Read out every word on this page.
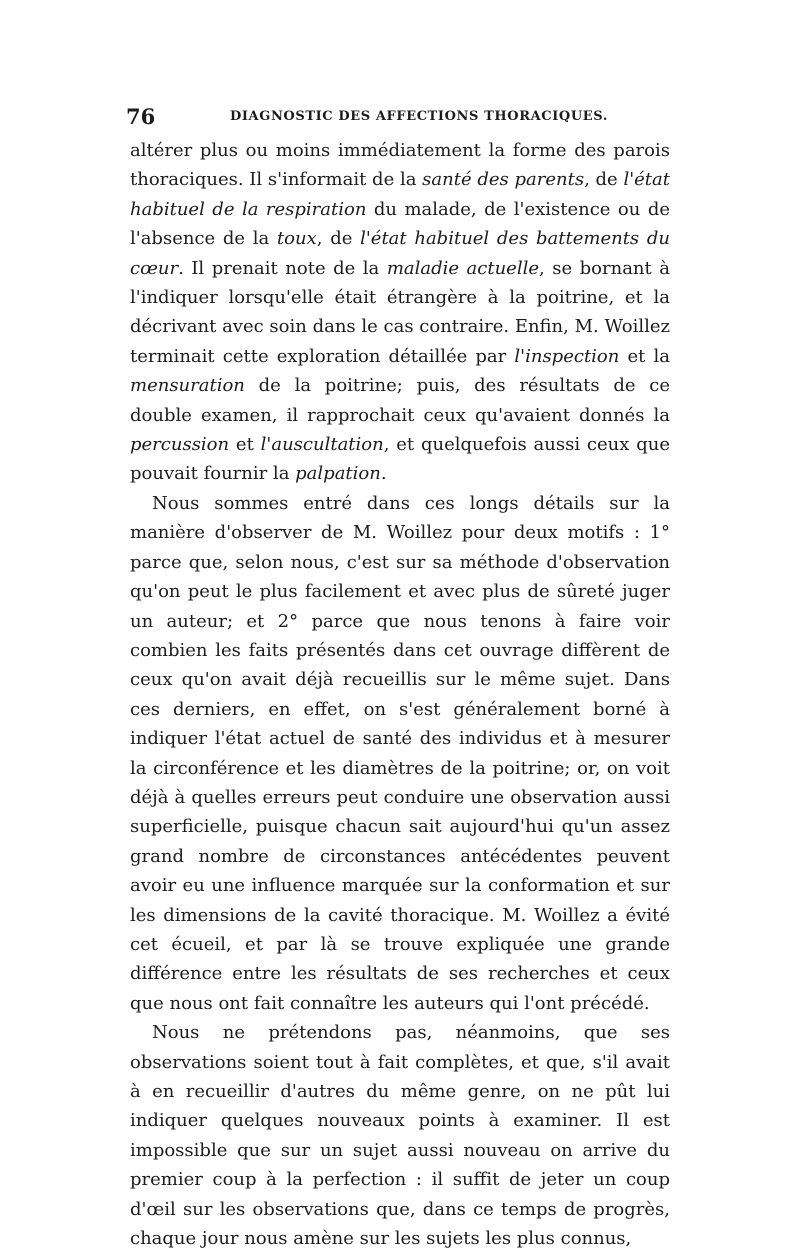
76	DIAGNOSTIC DES AFFECTIONS THORACIQUES.

altérer plus ou moins immédiatement la forme des parois thoraciques. Il s'informait de la santé des parents, de l'état habituel de la respiration du malade, de l'existence ou de l'absence de la toux, de l'état habituel des battements du cœur. Il prenait note de la maladie actuelle, se bornant à l'indiquer lorsqu'elle était étrangère à la poitrine, et la décrivant avec soin dans le cas contraire. Enfin, M. Woillez terminait cette exploration détaillée par l'inspection et la mensuration de la poitrine; puis, des résultats de ce double examen, il rapprochait ceux qu'avaient donnés la percussion et l'auscultation, et quelquefois aussi ceux que pouvait fournir la palpation.

Nous sommes entré dans ces longs détails sur la manière d'observer de M. Woillez pour deux motifs : 1° parce que, selon nous, c'est sur sa méthode d'observation qu'on peut le plus facilement et avec plus de sûreté juger un auteur; et 2° parce que nous tenons à faire voir combien les faits présentés dans cet ouvrage diffèrent de ceux qu'on avait déjà recueillis sur le même sujet. Dans ces derniers, en effet, on s'est généralement borné à indiquer l'état actuel de santé des individus et à mesurer la circonférence et les diamètres de la poitrine; or, on voit déjà à quelles erreurs peut conduire une observation aussi superficielle, puisque chacun sait aujourd'hui qu'un assez grand nombre de circonstances antécédentes peuvent avoir eu une influence marquée sur la conformation et sur les dimensions de la cavité thoracique. M. Woillez a évité cet écueil, et par là se trouve expliquée une grande différence entre les résultats de ses recherches et ceux que nous ont fait connaître les auteurs qui l'ont précédé.

Nous ne prétendons pas, néanmoins, que ses observations soient tout à fait complètes, et que, s'il avait à en recueillir d'autres du même genre, on ne pût lui indiquer quelques nouveaux points à examiner. Il est impossible que sur un sujet aussi nouveau on arrive du premier coup à la perfection : il suffit de jeter un coup d'œil sur les observations que, dans ce temps de progrès, chaque jour nous amène sur les sujets les plus connus,
